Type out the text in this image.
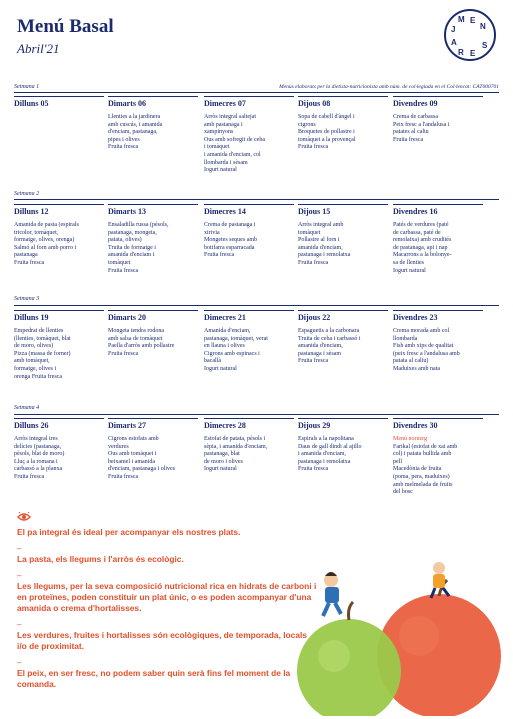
Menú Basal
Abril'21
M E
N
J
A
R E
S
Setmana 1	Menús elaborats per la dietista-nutricionista amb núm. de col·legiada en el Col·lencat: CAT000701
Dilluns 05	Dimarts 06
Llenties a la jardinera
amb cuscús, i amanida
d'enciam, pastanaga,
pipes i olives
Fruita fresca
Dimecres 07
Arròs integral saltejat
amb pastanaga i
xampinyons
Ous amb sofregit de ceba
i tomàquet
i amanida d'enciam, col
llombarda i sèsam
Iogurt natural
Dijous 08
Sopa de cabell d'àngel i
cigrons
Broquetes de pollastre i
tomàquet a la provençal
Fruita fresca
Divendres 09
Crema de carbassa
Peix fresc a l'andalusa i
patates al caliu
Fruita fresca
Setmana 2
Dilluns 12
Amanida de pasta (espirals
tricolor, tomàquet,
formatge, olives, orenga)
Salmó al forn amb porro i
pastanaga
Fruita fresca
Dimarts 13
Ensaladilla russa (pèsols,
pastanaga, mongeta,
patata, olives)
Truita de formatge i
amanida d'enciam i
tomàquet
Fruita fresca
Dimecres 14
Crema de pastanaga i
xirivia
Mongetes seques amb
botifarra esparracada
Fruita fresca
Dijous 15
Arròs integral amb
tomàquet
Pollastre al forn i
amanida d'enciam,
pastanaga i remolatxa
Fruita fresca
Divendres 16
Patés de verdures (paté
de carbassa, paté de
remolatxa) amb crudités
de pastanaga, api i nap
Macarrons a la bolonye-
sa de llenties
Iogurt natural
Setmana 3
Dilluns 19
Empedrat de llenties
(llenties, tomàquet, blat
de moro, olives)
Pizza (massa de forner)
amb tomàquet,
formatge, olives i
orenga Fruita fresca
Dimarts 20
Mongeta tendra rodona
amb salsa de tomàquet
Paella d'arròs amb pollastre
Fruita fresca
Dimecres 21
Amanida d'enciam,
pastanaga, tomàquet, verat
en llauna i olives
Cigrons amb espinacs i
bacallà
Iogurt natural
Dijous 22
Espaguetis a la carbonara
Truita de ceba i carbassó i
amanida d'enciam,
pastanaga i sèsam
Fruita fresca
Divendres 23
Crema morada amb col
llombarda
Fish amb xips de qualitat
(peix fresc a l'andalusa amb
patata al caliu)
Maduixes amb nata
Setmana 4
Dilluns 26
Arròs integral tres
delícies (pastanaga,
pèsols, blat de moro)
Lluç a la romana i
carbassó a la planxa
Fruita fresca
Dimarts 27
Cigrons estofats amb
verdures
Ous amb tomàquet i
beixamel i amanida
d'enciam, pastanaga i olives
Fruita fresca
Dimecres 28
Estofat de patata, pèsols i
sèpia, i amanida d'enciam,
pastanaga, blat
de moro i olives
Iogurt natural
Dijous 29
Espirals a la napolitana
Daus de gall dindi al ajillo
i amanida d'enciam,
pastanaga i remolatxa
Fruita fresca
Divendres 30
Menú noruerg
Farikal (estofat de xai amb
col) i patata bullida amb
pell
Macedònia de fruita
(poma, pera, maduixes)
amb melmelada de fruits
del bosc
El pa integral és ideal per acompanyar els nostres plats.
–
La pasta, els llegums i l'arròs és ecològic.
–
Les llegums, per la seva composició nutricional rica en hidrats de carboni i en proteïnes, poden constituir un plat únic, o es poden acompanyar d'una amanida o crema d'hortalisses.
–
Les verdures, fruites i hortalisses són ecològiques, de temporada, locals i/o de proximitat.
–
El peix, en ser fresc, no podem saber quin serà fins fel moment de la comanda.
